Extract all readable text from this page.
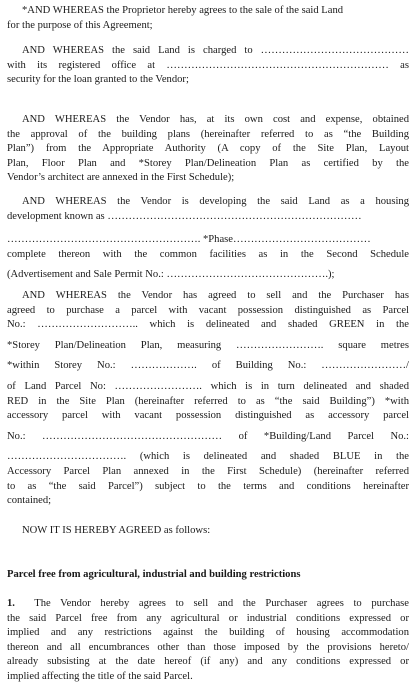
*AND WHEREAS the Proprietor hereby agrees to the sale of the said Land
for the purpose of this Agreement;
AND WHEREAS the said Land is charged to ……………………………………
with its registered office at ……………………………………………………… as
security for the loan granted to the Vendor;
AND WHEREAS the Vendor has, at its own cost and expense, obtained
the approval of the building plans (hereinafter referred to as “the Building
Plan”) from the Appropriate Authority (A copy of the Site Plan, Layout
Plan, Floor Plan and *Storey Plan/Delineation Plan as certified by the
Vendor’s architect are annexed in the First Schedule);
AND WHEREAS the Vendor is developing the said Land as a housing
development known as ………………………………………………………………
………………………………………………. *Phase…………………………………
complete thereon with the common facilities as in the Second Schedule
(Advertisement and Sale Permit No.: ……………………………………….);
AND WHEREAS the Vendor has agreed to sell and the Purchaser has
agreed to purchase a parcel with vacant possession distinguished as Parcel
No.: ……………………….. which is delineated and shaded GREEN in the
*Storey Plan/Delineation Plan, measuring ……………………. square metres
*within Storey No.: ………………. of Building No.: ……………………/
of Land Parcel No: ……………………. which is in turn delineated and shaded
RED in the Site Plan (hereinafter referred to as “the said Building”) *with
accessory parcel with vacant possession distinguished as accessory parcel
No.: …………………………………………… of *Building/Land Parcel No.:
……………………………. (which is delineated and shaded BLUE in the
Accessory Parcel Plan annexed in the First Schedule) (hereinafter referred
to as “the said Parcel”) subject to the terms and conditions hereinafter
contained;
NOW IT IS HEREBY AGREED as follows:
Parcel free from agricultural, industrial and building restrictions
1. The Vendor hereby agrees to sell and the Purchaser agrees to purchase
the said Parcel free from any agricultural or industrial conditions expressed or
implied and any restrictions against the building of housing accommodation
thereon and all encumbrances other than those imposed by the provisions hereto/
already subsisting at the date hereof (if any) and any conditions expressed or
implied affecting the title of the said Parcel.
